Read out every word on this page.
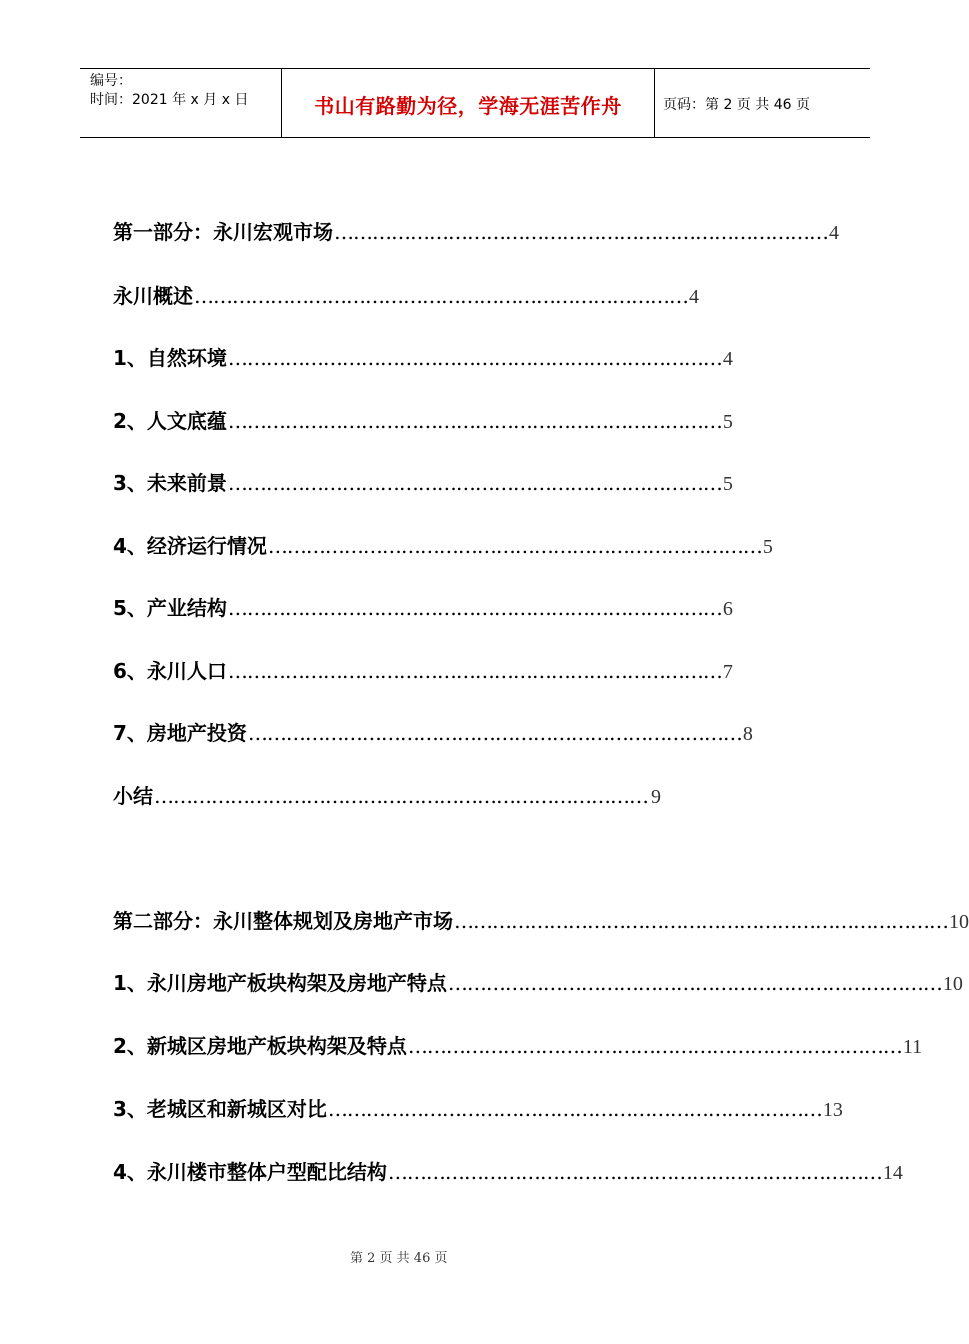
编号：
时间：2021 年 x 月 x 日	书山有路勤为径，学海无涯苦作舟	页码：第 2 页 共 46 页
第一部分：永川宏观市场 …………………………………………………………………… 4
永川概述 …………………………………………………………………… 4
1、自然环境 …………………………………………………………………… 4
2、人文底蕴 …………………………………………………………………… 5
3、未来前景 …………………………………………………………………… 5
4、经济运行情况 …………………………………………………………………… 5
5、产业结构 …………………………………………………………………… 6
6、永川人口 …………………………………………………………………… 7
7、房地产投资 …………………………………………………………………… 8
小结 …………………………………………………………………… 9
第二部分：永川整体规划及房地产市场 …………………………………………………………………… 10
1、永川房地产板块构架及房地产特点 …………………………………………………………………… 10
2、新城区房地产板块构架及特点 …………………………………………………………………… 11
3、老城区和新城区对比 …………………………………………………………………… 13
4、永川楼市整体户型配比结构 …………………………………………………………………… 14
第 2 页 共 46 页
